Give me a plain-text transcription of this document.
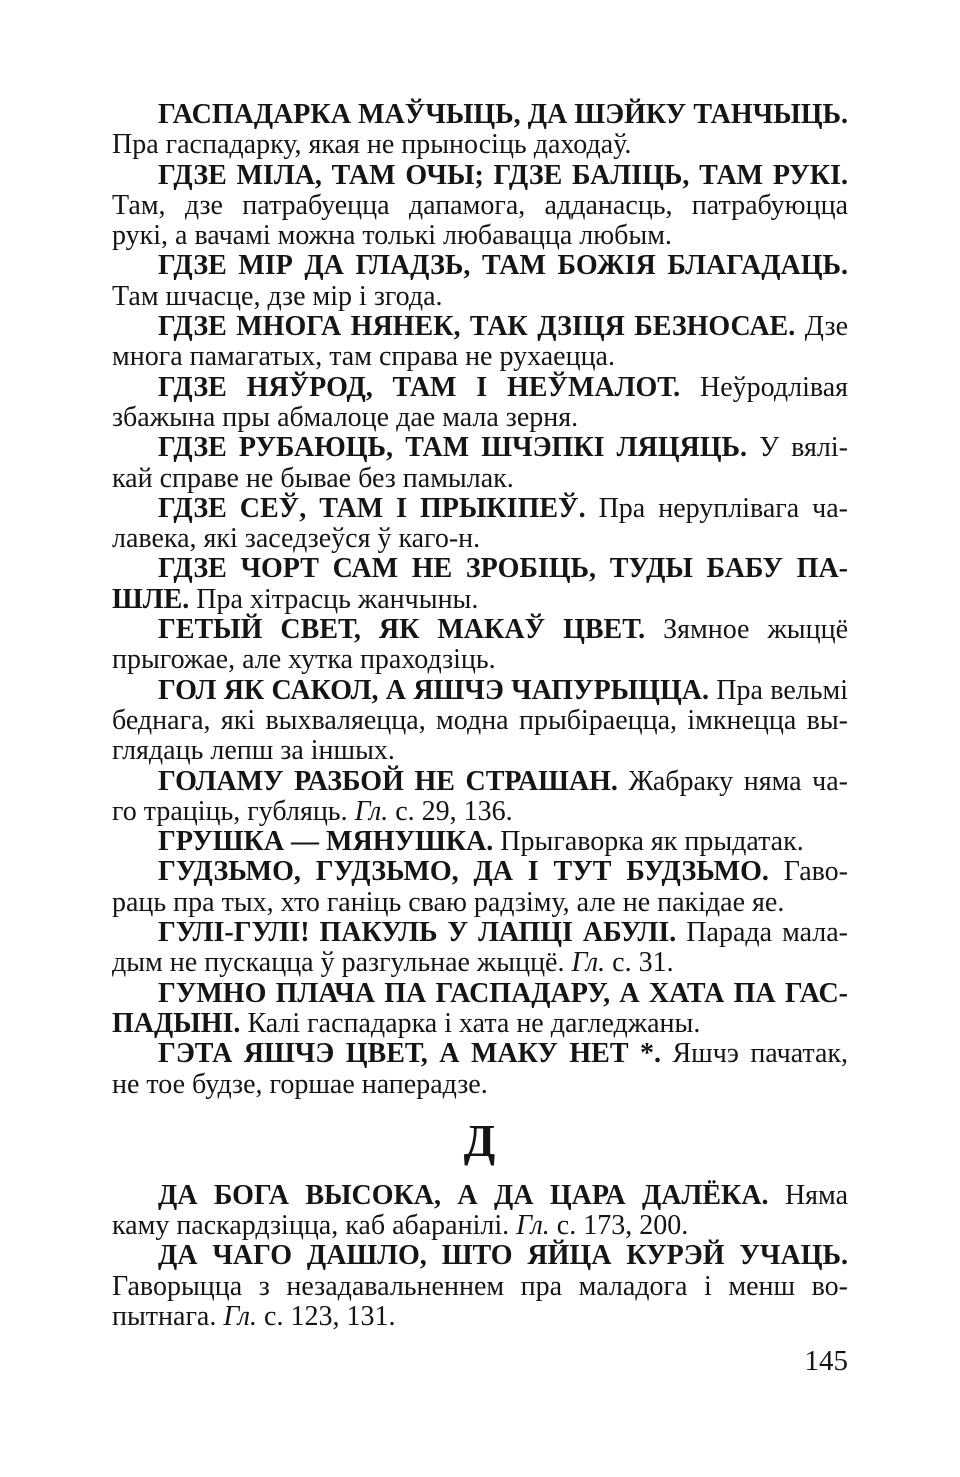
ГАСПАДАРКА МАЎЧЫЦЬ, ДА ШЭЙКУ ТАНЧЫЦЬ.
Пра гаспадарку, якая не прыносіць даходаў.
ГДЗЕ МІЛА, ТАМ ОЧЫ; ГДЗЕ БАЛІЦЬ, ТАМ РУКІ.
Там, дзе патрабуецца дапамога, адданасць, патрабуюцца
рукі, а вачамі можна толькі любавацца любым.
ГДЗЕ МІР ДА ГЛАДЗЬ, ТАМ БОЖІЯ БЛАГАДАЦЬ.
Там шчасце, дзе мір і згода.
ГДЗЕ МНОГА НЯНЕК, ТАК ДЗІЦЯ БЕЗНОСАЕ. Дзе
многа памагатых, там справа не рухаецца.
ГДЗЕ НЯЎРОД, ТАМ І НЕЎМАЛОТ. Неўродлівая
збажына пры абмалоце дае мала зерня.
ГДЗЕ РУБАЮЦЬ, ТАМ ШЧЭПКІ ЛЯЦЯЦЬ. У вялі-
кай справе не бывае без памылак.
ГДЗЕ СЕЎ, ТАМ І ПРЫКІПЕЎ. Пра неруплівага ча-
лавека, які заседзеўся ў каго-н.
ГДЗЕ ЧОРТ САМ НЕ ЗРОБІЦЬ, ТУДЫ БАБУ ПА-
ШЛЕ. Пра хітрасць жанчыны.
ГЕТЫЙ СВЕТ, ЯК МАКАЎ ЦВЕТ. Зямное жыццё
прыгожае, але хутка праходзіць.
ГОЛ ЯК САКОЛ, А ЯШЧЭ ЧАПУРЫЦЦА. Пра вельмі
беднага, які выхваляецца, модна прыбіраецца, імкнецца вы-
глядаць лепш за іншых.
ГОЛАМУ РАЗБОЙ НЕ СТРАШАН. Жабраку няма ча-
го траціць, губляць. Гл. с. 29, 136.
ГРУШКА — МЯНУШКА. Прыгаворка як прыдатак.
ГУДЗЬМО, ГУДЗЬМО, ДА І ТУТ БУДЗЬМО. Гаво-
раць пра тых, хто ганіць сваю радзіму, але не пакідае яе.
ГУЛІ-ГУЛІ! ПАКУЛЬ У ЛАПЦІ АБУЛІ. Парада мала-
дым не пускацца ў разгульнае жыццё. Гл. с. 31.
ГУМНО ПЛАЧА ПА ГАСПАДАРУ, А ХАТА ПА ГАС-
ПАДЫНІ. Калі гаспадарка і хата не дагледжаны.
ГЭТА ЯШЧЭ ЦВЕТ, А МАКУ НЕТ *. Яшчэ пачатак,
не тое будзе, горшае наперадзе.
Д
ДА БОГА ВЫСОКА, А ДА ЦАРА ДАЛЁКА. Няма
каму паскардзіцца, каб абаранілі. Гл. с. 173, 200.
ДА ЧАГО ДАШЛО, ШТО ЯЙЦА КУРЭЙ УЧАЦЬ.
Гаворыцца з незадавальненнем пра маладога і менш во-
пытнага. Гл. с. 123, 131.
145
